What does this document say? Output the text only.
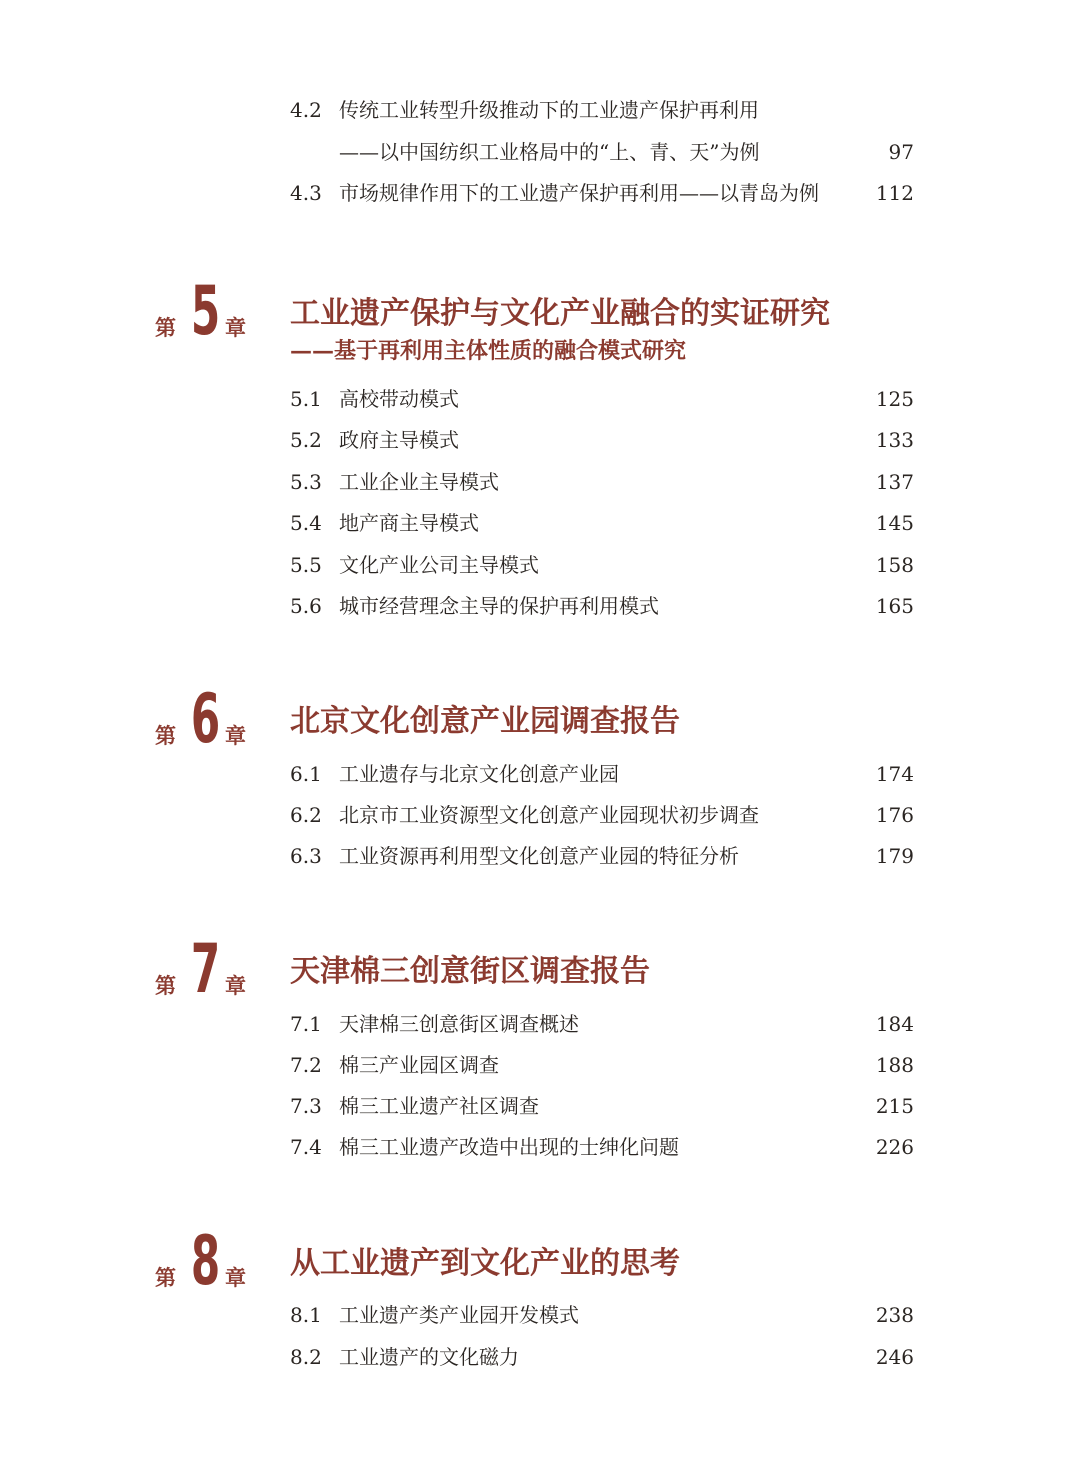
4.2 传统工业转型升级推动下的工业遗产保护再利用
——以中国纺织工业格局中的“上、青、天”为例	97
4.3 市场规律作用下的工业遗产保护再利用——以青岛为例	112
第 5 章 工业遗产保护与文化产业融合的实证研究
——基于再利用主体性质的融合模式研究
5.1 高校带动模式	125
5.2 政府主导模式	133
5.3 工业企业主导模式	137
5.4 地产商主导模式	145
5.5 文化产业公司主导模式	158
5.6 城市经营理念主导的保护再利用模式	165
第 6 章 北京文化创意产业园调查报告
6.1 工业遗存与北京文化创意产业园	174
6.2 北京市工业资源型文化创意产业园现状初步调查	176
6.3 工业资源再利用型文化创意产业园的特征分析	179
第 7 章 天津棉三创意街区调查报告
7.1 天津棉三创意街区调查概述	184
7.2 棉三产业园区调查	188
7.3 棉三工业遗产社区调查	215
7.4 棉三工业遗产改造中出现的士绅化问题	226
第 8 章 从工业遗产到文化产业的思考
8.1 工业遗产类产业园开发模式	238
8.2 工业遗产的文化磁力	246
